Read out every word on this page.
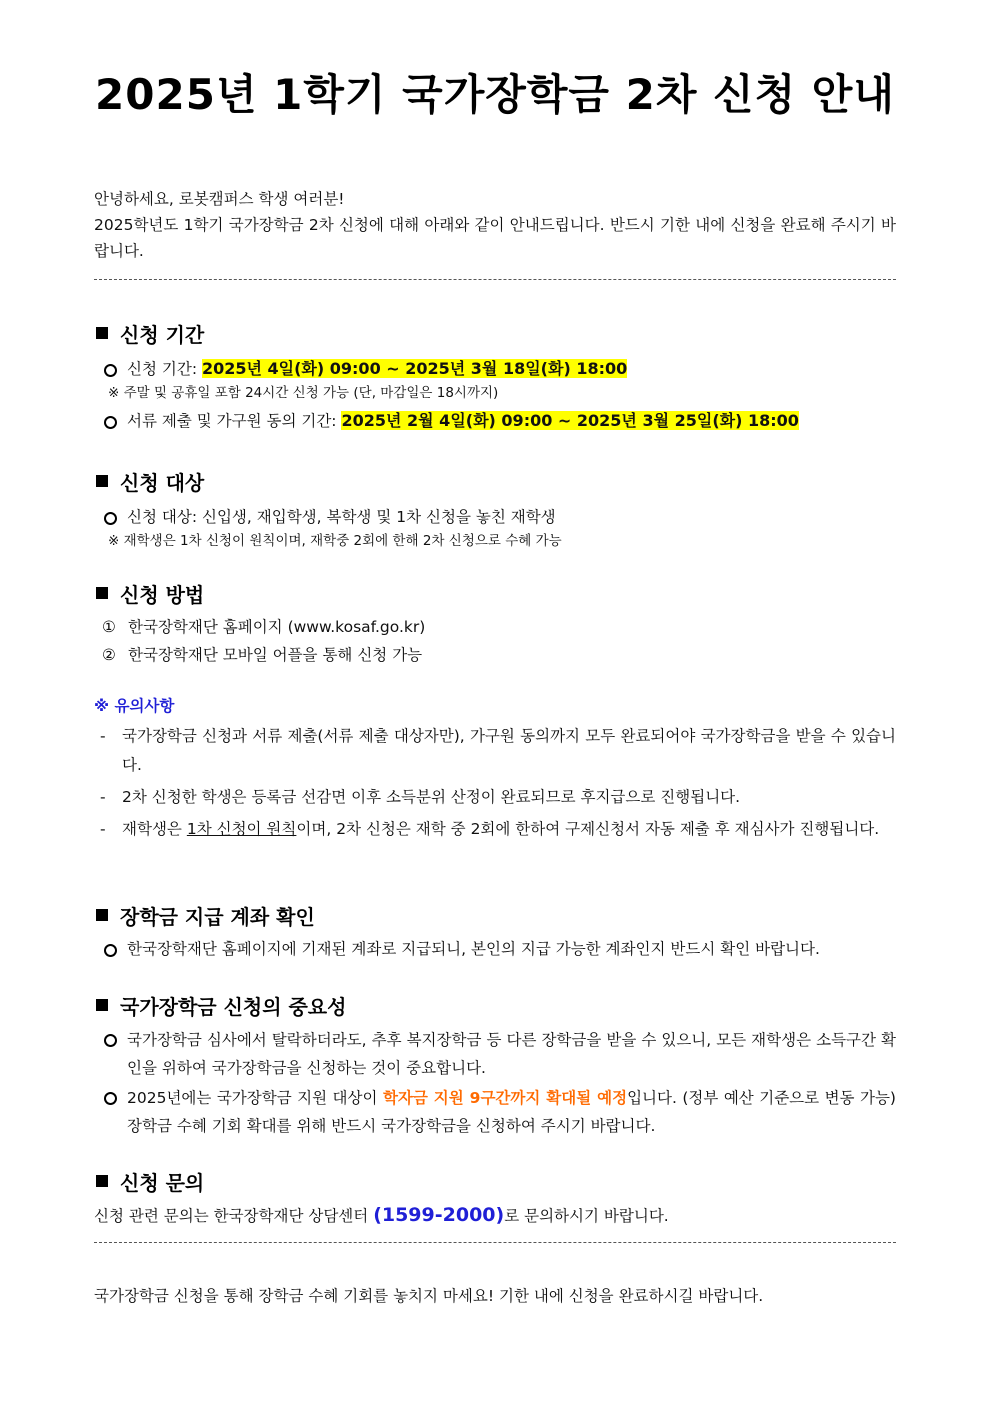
2025년 1학기 국가장학금 2차 신청 안내

안녕하세요, 로봇캠퍼스 학생 여러분!

2025학년도 1학기 국가장학금 2차 신청에 대해 아래와 같이 안내드립니다. 반드시 기한 내에 신청을 완료해 주시기 바랍니다.

신청 기간
신청 기간: 2025년 4일(화) 09:00 ~ 2025년 3월 18일(화) 18:00
※ 주말 및 공휴일 포함 24시간 신청 가능 (단, 마감일은 18시까지)
서류 제출 및 가구원 동의 기간: 2025년 2월 4일(화) 09:00 ~ 2025년 3월 25일(화) 18:00
신청 대상
신청 대상: 신입생, 재입학생, 복학생 및 1차 신청을 놓친 재학생
※ 재학생은 1차 신청이 원칙이며, 재학중 2회에 한해 2차 신청으로 수혜 가능
신청 방법
① 한국장학재단 홈페이지 (www.kosaf.go.kr)
② 한국장학재단 모바일 어플을 통해 신청 가능
※ 유의사항
-	국가장학금 신청과 서류 제출(서류 제출 대상자만), 가구원 동의까지 모두 완료되어야 국가장학금을 받을 수 있습니다.
-	2차 신청한 학생은 등록금 선감면 이후 소득분위 산정이 완료되므로 후지급으로 진행됩니다.
-	재학생은 1차 신청이 원칙이며, 2차 신청은 재학 중 2회에 한하여 구제신청서 자동 제출 후 재심사가 진행됩니다.
장학금 지급 계좌 확인
한국장학재단 홈페이지에 기재된 계좌로 지급되니, 본인의 지급 가능한 계좌인지 반드시 확인 바랍니다.
국가장학금 신청의 중요성
국가장학금 심사에서 탈락하더라도, 추후 복지장학금 등 다른 장학금을 받을 수 있으니, 모든 재학생은 소득구간 확인을 위하여 국가장학금을 신청하는 것이 중요합니다.
2025년에는 국가장학금 지원 대상이 학자금 지원 9구간까지 확대될 예정입니다. (정부 예산 기준으로 변동 가능) 장학금 수혜 기회 확대를 위해 반드시 국가장학금을 신청하여 주시기 바랍니다.
신청 문의
신청 관련 문의는 한국장학재단 상담센터 (1599-2000)로 문의하시기 바랍니다.
국가장학금 신청을 통해 장학금 수혜 기회를 놓치지 마세요! 기한 내에 신청을 완료하시길 바랍니다.
